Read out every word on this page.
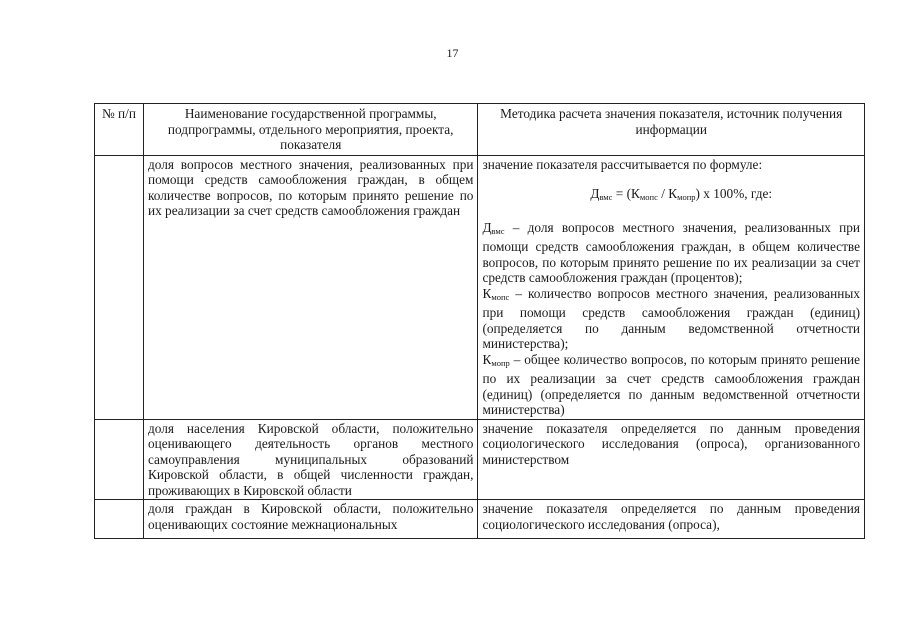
17
№ п/п	Наименование государственной программы, подпрограммы, отдельного мероприятия, проекта, показателя	Методика расчета значения показателя, источник получения информации
	доля вопросов местного значения, реализованных при помощи средств самообложения граждан, в общем количестве вопросов, по которым принято решение по их реализации за счет средств самообложения граждан	значение показателя рассчитывается по формуле:

$Д_{вмс} = (К_{мопс} / К_{мопр})$ х 100%, где:

$Д_{вмс}$ – доля вопросов местного значения, реализованных при помощи средств самообложения граждан, в общем количестве вопросов, по которым принято решение по их реализации за счет средств самообложения граждан (процентов);

$К_{мопс}$ – количество вопросов местного значения, реализованных при помощи средств самообложения граждан (единиц) (определяется по данным ведомственной отчетности министерства);

$К_{мопр}$ – общее количество вопросов, по которым принято решение по их реализации за счет средств самообложения граждан (единиц) (определяется по данным ведомственной отчетности министерства)

	доля населения Кировской области, положительно оценивающего деятельность органов местного самоуправления муниципальных образований Кировской области, в общей численности граждан, проживающих в Кировской области	значение показателя определяется по данным проведения социологического исследования (опроса), организованного министерством

	доля граждан в Кировской области, положительно оценивающих состояние межнациональных	значение показателя определяется по данным проведения социологического исследования (опроса),
